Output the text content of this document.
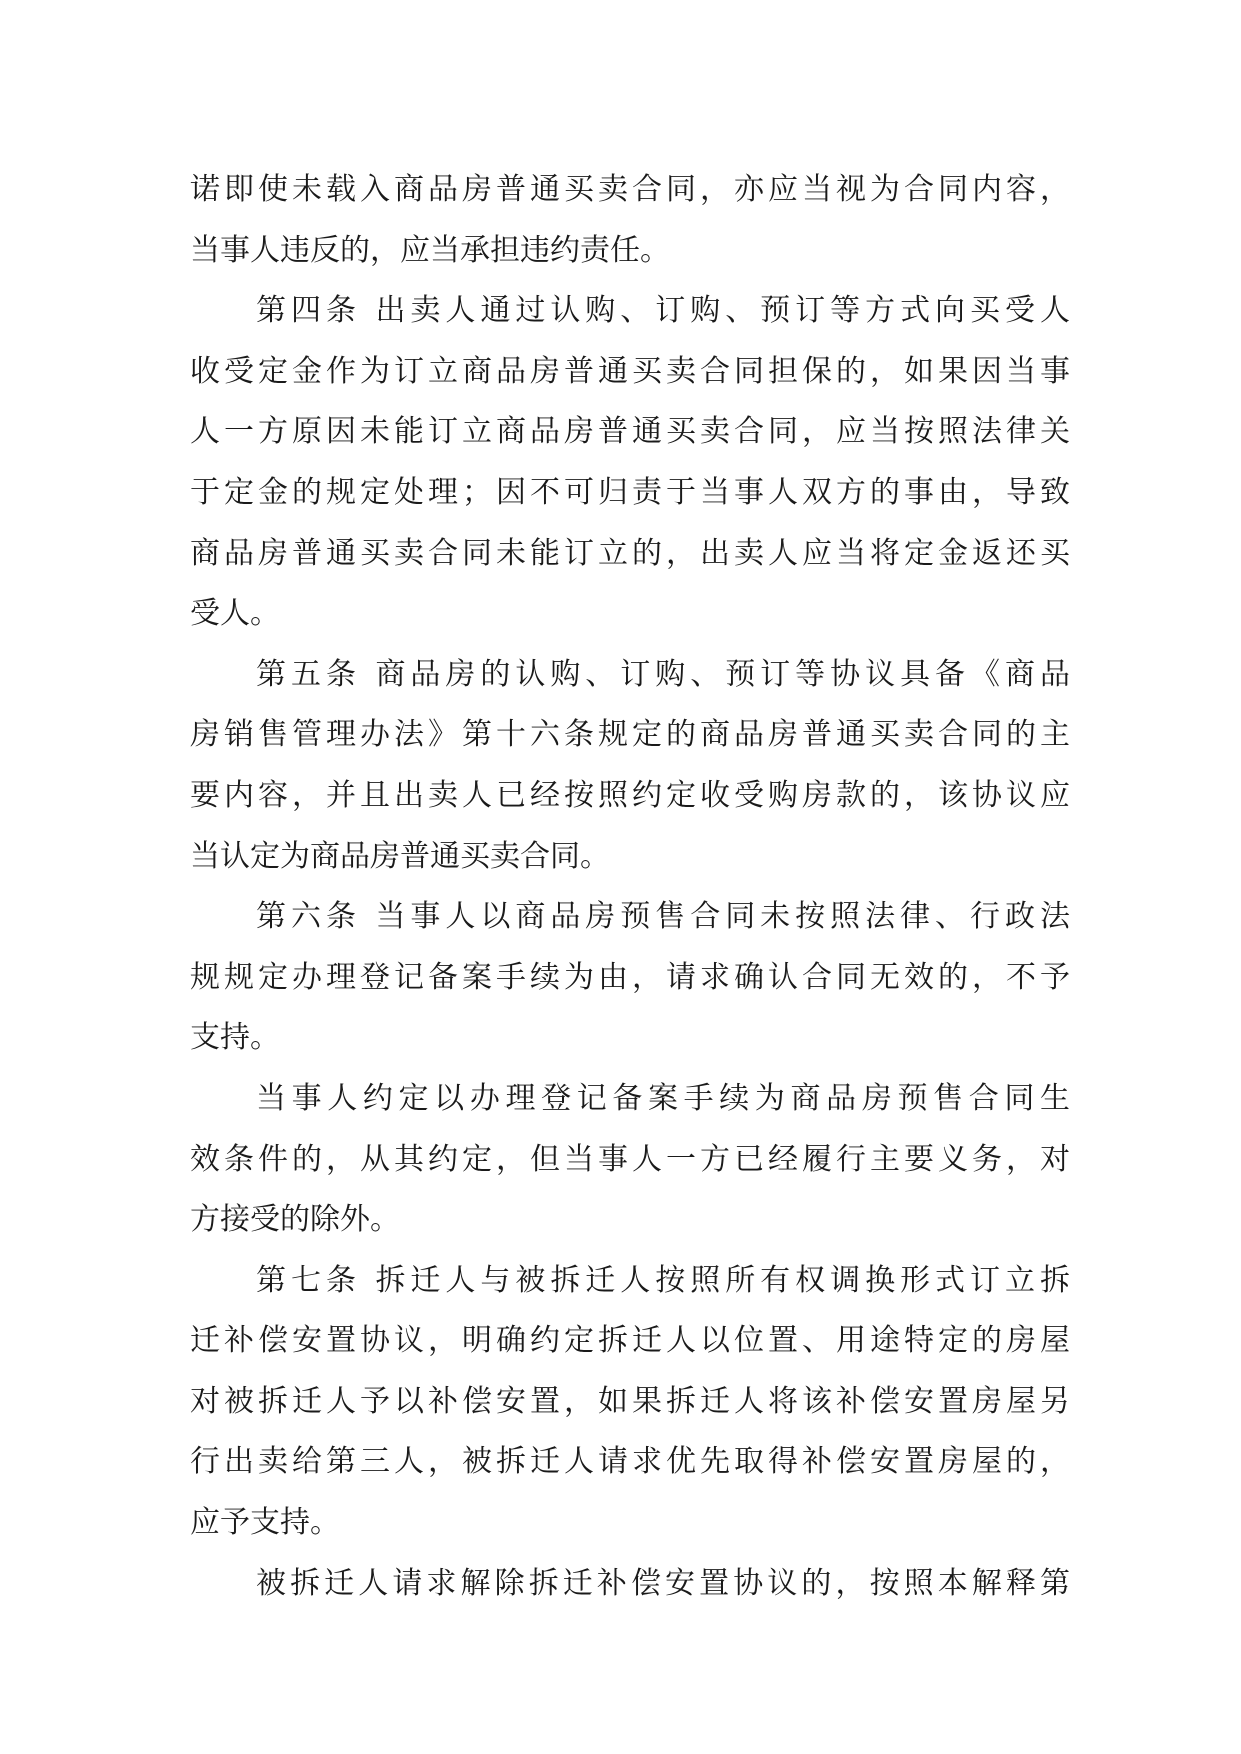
诺即使未载入商品房普通买卖合同，亦应当视为合同内容，
当事人违反的，应当承担违约责任。
第四条 出卖人通过认购、订购、预订等方式向买受人
收受定金作为订立商品房普通买卖合同担保的，如果因当事
人一方原因未能订立商品房普通买卖合同，应当按照法律关
于定金的规定处理；因不可归责于当事人双方的事由，导致
商品房普通买卖合同未能订立的，出卖人应当将定金返还买
受人。
第五条 商品房的认购、订购、预订等协议具备《商品
房销售管理办法》第十六条规定的商品房普通买卖合同的主
要内容，并且出卖人已经按照约定收受购房款的，该协议应
当认定为商品房普通买卖合同。
第六条 当事人以商品房预售合同未按照法律、行政法
规规定办理登记备案手续为由，请求确认合同无效的，不予
支持。
当事人约定以办理登记备案手续为商品房预售合同生
效条件的，从其约定，但当事人一方已经履行主要义务，对
方接受的除外。
第七条 拆迁人与被拆迁人按照所有权调换形式订立拆
迁补偿安置协议，明确约定拆迁人以位置、用途特定的房屋
对被拆迁人予以补偿安置，如果拆迁人将该补偿安置房屋另
行出卖给第三人，被拆迁人请求优先取得补偿安置房屋的，
应予支持。
被拆迁人请求解除拆迁补偿安置协议的，按照本解释第
